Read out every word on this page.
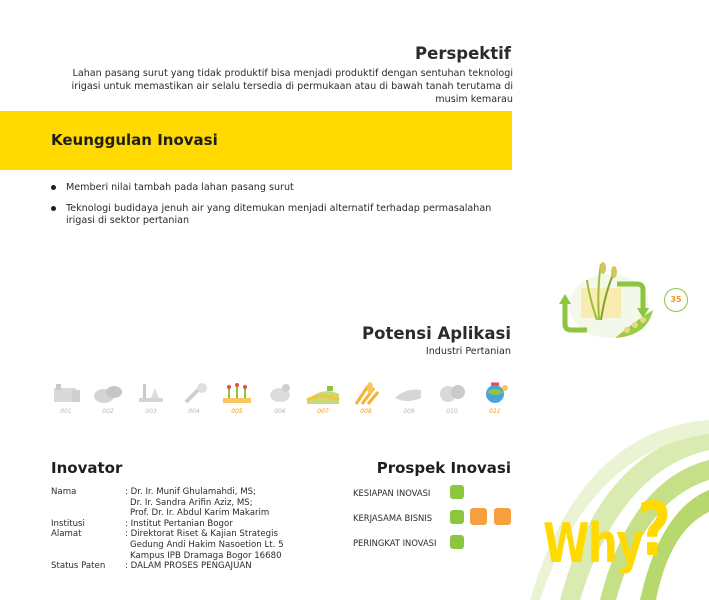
Perspektif
Lahan pasang surut yang tidak produktif bisa menjadi produktif dengan sentuhan teknologi irigasi untuk memastikan air selalu tersedia di permukaan atau di bawah tanah terutama di musim kemarau
Keunggulan Inovasi
Memberi nilai tambah pada lahan pasang surut
Teknologi budidaya jenuh air yang ditemukan menjadi alternatif terhadap permasalahan irigasi di sektor pertanian
35
Potensi Aplikasi
Industri Pertanian
001	002	003	004	005	006	007	008	009	010	011
Inovator
Nama	: Dr. Ir. Munif Ghulamahdi, MS;
Dr. Ir. Sandra Arifin Aziz, MS;
Prof. Dr. Ir. Abdul Karim Makarim
Institusi	: Institut Pertanian Bogor
Alamat	: Direktorat Riset & Kajian Strategis
Gedung Andi Hakim Nasoetion Lt. 5
Kampus IPB Dramaga Bogor 16680
Status Paten	: DALAM PROSES PENGAJUAN
Prospek Inovasi
KESIAPAN INOVASI
KERJASAMA BISNIS
PERINGKAT INOVASI Why
?
